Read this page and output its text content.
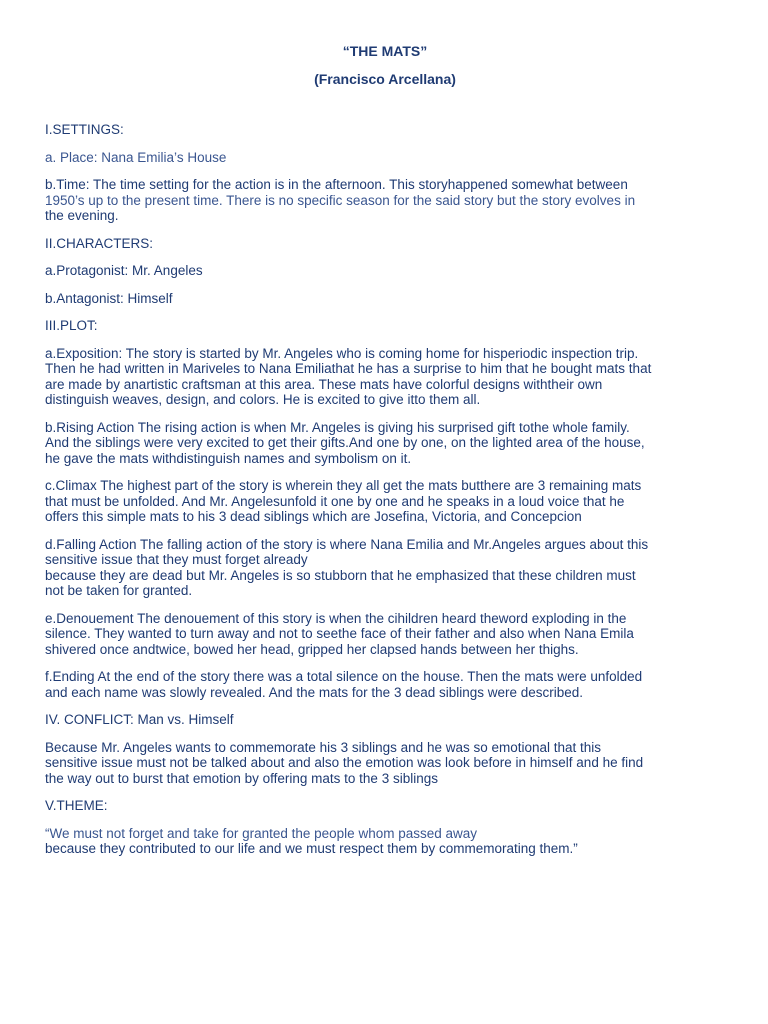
“THE MATS”

(Francisco Arcellana)

I.SETTINGS:

a. Place: Nana Emilia’s House

b.Time: The time setting for the action is in the afternoon. This storyhappened somewhat between
1950’s up to the present time. There is no specific season for the said story but the story evolves in
the evening.

II.CHARACTERS:

a.Protagonist: Mr. Angeles

b.Antagonist: Himself

III.PLOT:

a.Exposition: The story is started by Mr. Angeles who is coming home for hisperiodic inspection trip.
Then he had written in Mariveles to Nana Emiliathat he has a surprise to him that he bought mats that
are made by anartistic craftsman at this area. These mats have colorful designs withtheir own
distinguish weaves, design, and colors. He is excited to give itto them all.
b.Rising Action The rising action is when Mr. Angeles is giving his surprised gift tothe whole family.
And the siblings were very excited to get their gifts.And one by one, on the lighted area of the house,
he gave the mats withdistinguish names and symbolism on it.
c.Climax The highest part of the story is wherein they all get the mats butthere are 3 remaining mats
that must be unfolded. And Mr. Angelesunfold it one by one and he speaks in a loud voice that he
offers this simple mats to his 3 dead siblings which are Josefina, Victoria, and Concepcion
d.Falling Action The falling action of the story is where Nana Emilia and Mr.Angeles argues about this
sensitive issue that they must forget already
because they are dead but Mr. Angeles is so stubborn that he emphasized that these children must
not be taken for granted.
e.Denouement The denouement of this story is when the cihildren heard theword exploding in the
silence. They wanted to turn away and not to seethe face of their father and also when Nana Emila
shivered once andtwice, bowed her head, gripped her clapsed hands between her thighs.
f.Ending At the end of the story there was a total silence on the house. Then the mats were unfolded
and each name was slowly revealed. And the mats for the 3 dead siblings were described.

IV. CONFLICT: Man vs. Himself

Because Mr. Angeles wants to commemorate his 3 siblings and he was so emotional that this
sensitive issue must not be talked about and also the emotion was look before in himself and he find
the way out to burst that emotion by offering mats to the 3 siblings

V.THEME:

“We must not forget and take for granted the people whom passed away
because they contributed to our life and we must respect them by commemorating them.”
